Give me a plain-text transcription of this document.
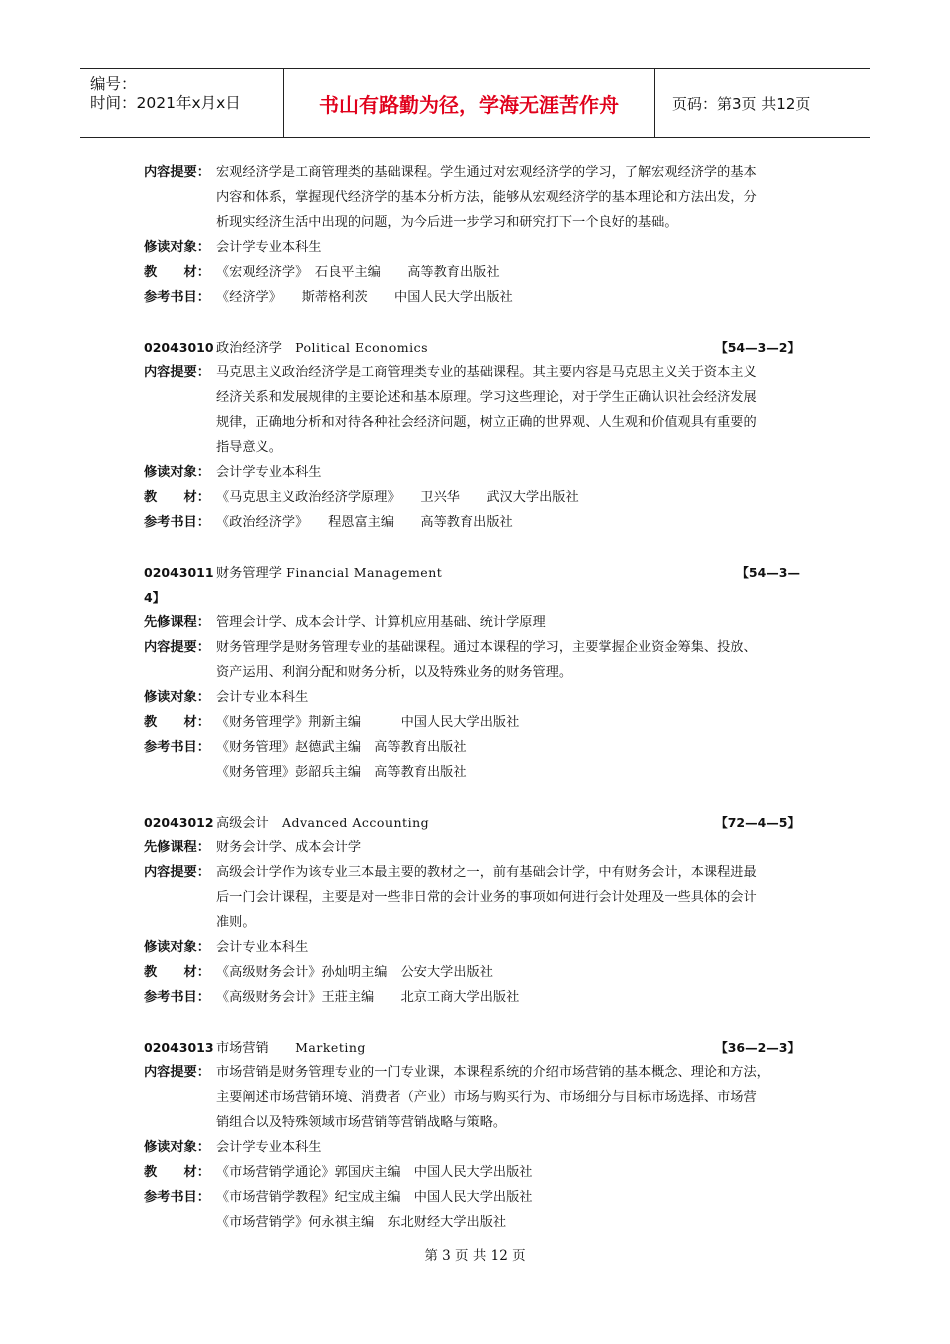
编号：
时间：2021年x月x日	书山有路勤为径，学海无涯苦作舟	页码：第3页 共12页
内容提要： 宏观经济学是工商管理类的基础课程。学生通过对宏观经济学的学习，了解宏观经济学的基本
内容和体系，掌握现代经济学的基本分析方法，能够从宏观经济学的基本理论和方法出发，分
析现实经济生活中出现的问题，为今后进一步学习和研究打下一个良好的基础。
修读对象： 会计学专业本科生
教　　材： 《宏观经济学》　石良平主编　　高等教育出版社
参考书目： 《经济学》　　斯蒂格利茨　　中国人民大学出版社
02043010 政治经济学　Political Economics	【54—3—2】
内容提要： 马克思主义政治经济学是工商管理类专业的基础课程。其主要内容是马克思主义关于资本主义
经济关系和发展规律的主要论述和基本原理。学习这些理论，对于学生正确认识社会经济发展
规律，正确地分析和对待各种社会经济问题，树立正确的世界观、人生观和价值观具有重要的
指导意义。
修读对象： 会计学专业本科生
教　　材： 《马克思主义政治经济学原理》　　卫兴华　　武汉大学出版社
参考书目： 《政治经济学》　　程恩富主编　　高等教育出版社
02043011 财务管理学 Financial Management	【54—3—
4】
先修课程： 管理会计学、成本会计学、计算机应用基础、统计学原理
内容提要： 财务管理学是财务管理专业的基础课程。通过本课程的学习，主要掌握企业资金筹集、投放、
资产运用、利润分配和财务分析，以及特殊业务的财务管理。
修读对象： 会计专业本科生
教　　材： 《财务管理学》荆新主编　　　中国人民大学出版社
参考书目： 《财务管理》赵德武主编　高等教育出版社
《财务管理》彭韶兵主编　高等教育出版社
02043012 高级会计　Advanced Accounting	【72—4—5】
先修课程： 财务会计学、成本会计学
内容提要： 高级会计学作为该专业三本最主要的教材之一，前有基础会计学，中有财务会计，本课程进最
后一门会计课程，主要是对一些非日常的会计业务的事项如何进行会计处理及一些具体的会计
准则。
修读对象： 会计专业本科生
教　　材： 《高级财务会计》孙灿明主编　公安大学出版社
参考书目： 《高级财务会计》王莊主编　　北京工商大学出版社
02043013 市场营销　　Marketing	【36—2—3】
内容提要： 市场营销是财务管理专业的一门专业课，本课程系统的介绍市场营销的基本概念、理论和方法，
主要阐述市场营销环境、消费者（产业）市场与购买行为、市场细分与目标市场选择、市场营
销组合以及特殊领域市场营销等营销战略与策略。
修读对象： 会计学专业本科生
教　　材： 《市场营销学通论》郭国庆主编　中国人民大学出版社
参考书目： 《市场营销学教程》纪宝成主编　中国人民大学出版社
《市场营销学》何永祺主编　东北财经大学出版社
第 3 页 共 12 页
